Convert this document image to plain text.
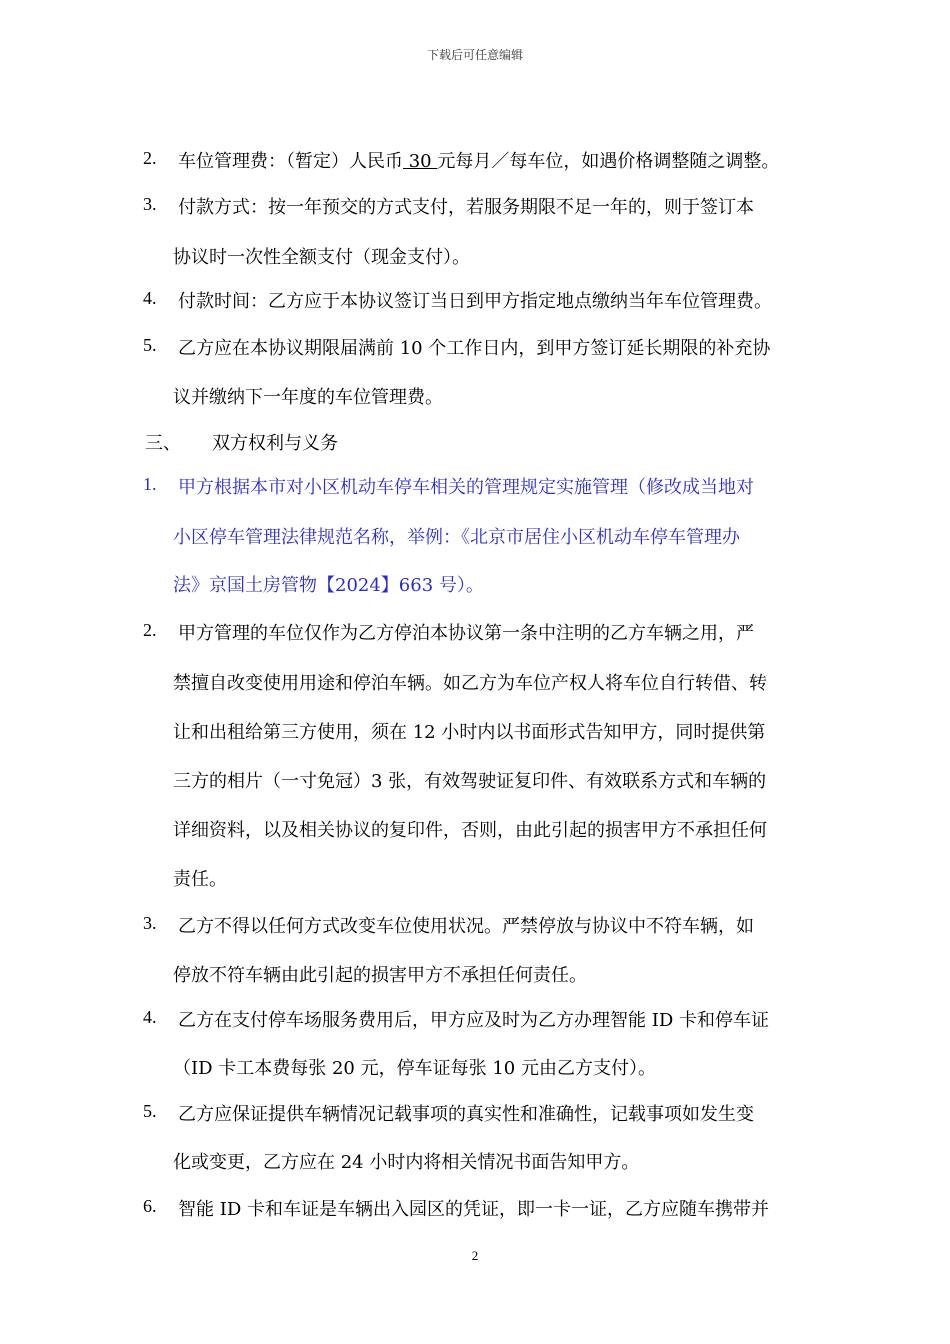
下载后可任意编辑
2. 车位管理费：（暂定）人民币 30 元每月／每车位，如遇价格调整随之调整。
3. 付款方式：按一年预交的方式支付，若服务期限不足一年的，则于签订本
协议时一次性全额支付（现金支付）。
4. 付款时间：乙方应于本协议签订当日到甲方指定地点缴纳当年车位管理费。
5. 乙方应在本协议期限届满前 10 个工作日内，到甲方签订延长期限的补充协
议并缴纳下一年度的车位管理费。
三、 双方权利与义务
1. 甲方根据本市对小区机动车停车相关的管理规定实施管理（修改成当地对
小区停车管理法律规范名称，举例：《北京市居住小区机动车停车管理办
法》京国土房管物【2024】663 号）。
2. 甲方管理的车位仅作为乙方停泊本协议第一条中注明的乙方车辆之用，严
禁擅自改变使用用途和停泊车辆。如乙方为车位产权人将车位自行转借、转
让和出租给第三方使用，须在 12 小时内以书面形式告知甲方，同时提供第
三方的相片（一寸免冠）3 张，有效驾驶证复印件、有效联系方式和车辆的
详细资料，以及相关协议的复印件，否则，由此引起的损害甲方不承担任何
责任。
3. 乙方不得以任何方式改变车位使用状况。严禁停放与协议中不符车辆，如
停放不符车辆由此引起的损害甲方不承担任何责任。
4. 乙方在支付停车场服务费用后，甲方应及时为乙方办理智能 ID 卡和停车证
（ID 卡工本费每张 20 元，停车证每张 10 元由乙方支付）。
5. 乙方应保证提供车辆情况记载事项的真实性和准确性，记载事项如发生变
化或变更，乙方应在 24 小时内将相关情况书面告知甲方。
6. 智能 ID 卡和车证是车辆出入园区的凭证，即一卡一证，乙方应随车携带并
2
